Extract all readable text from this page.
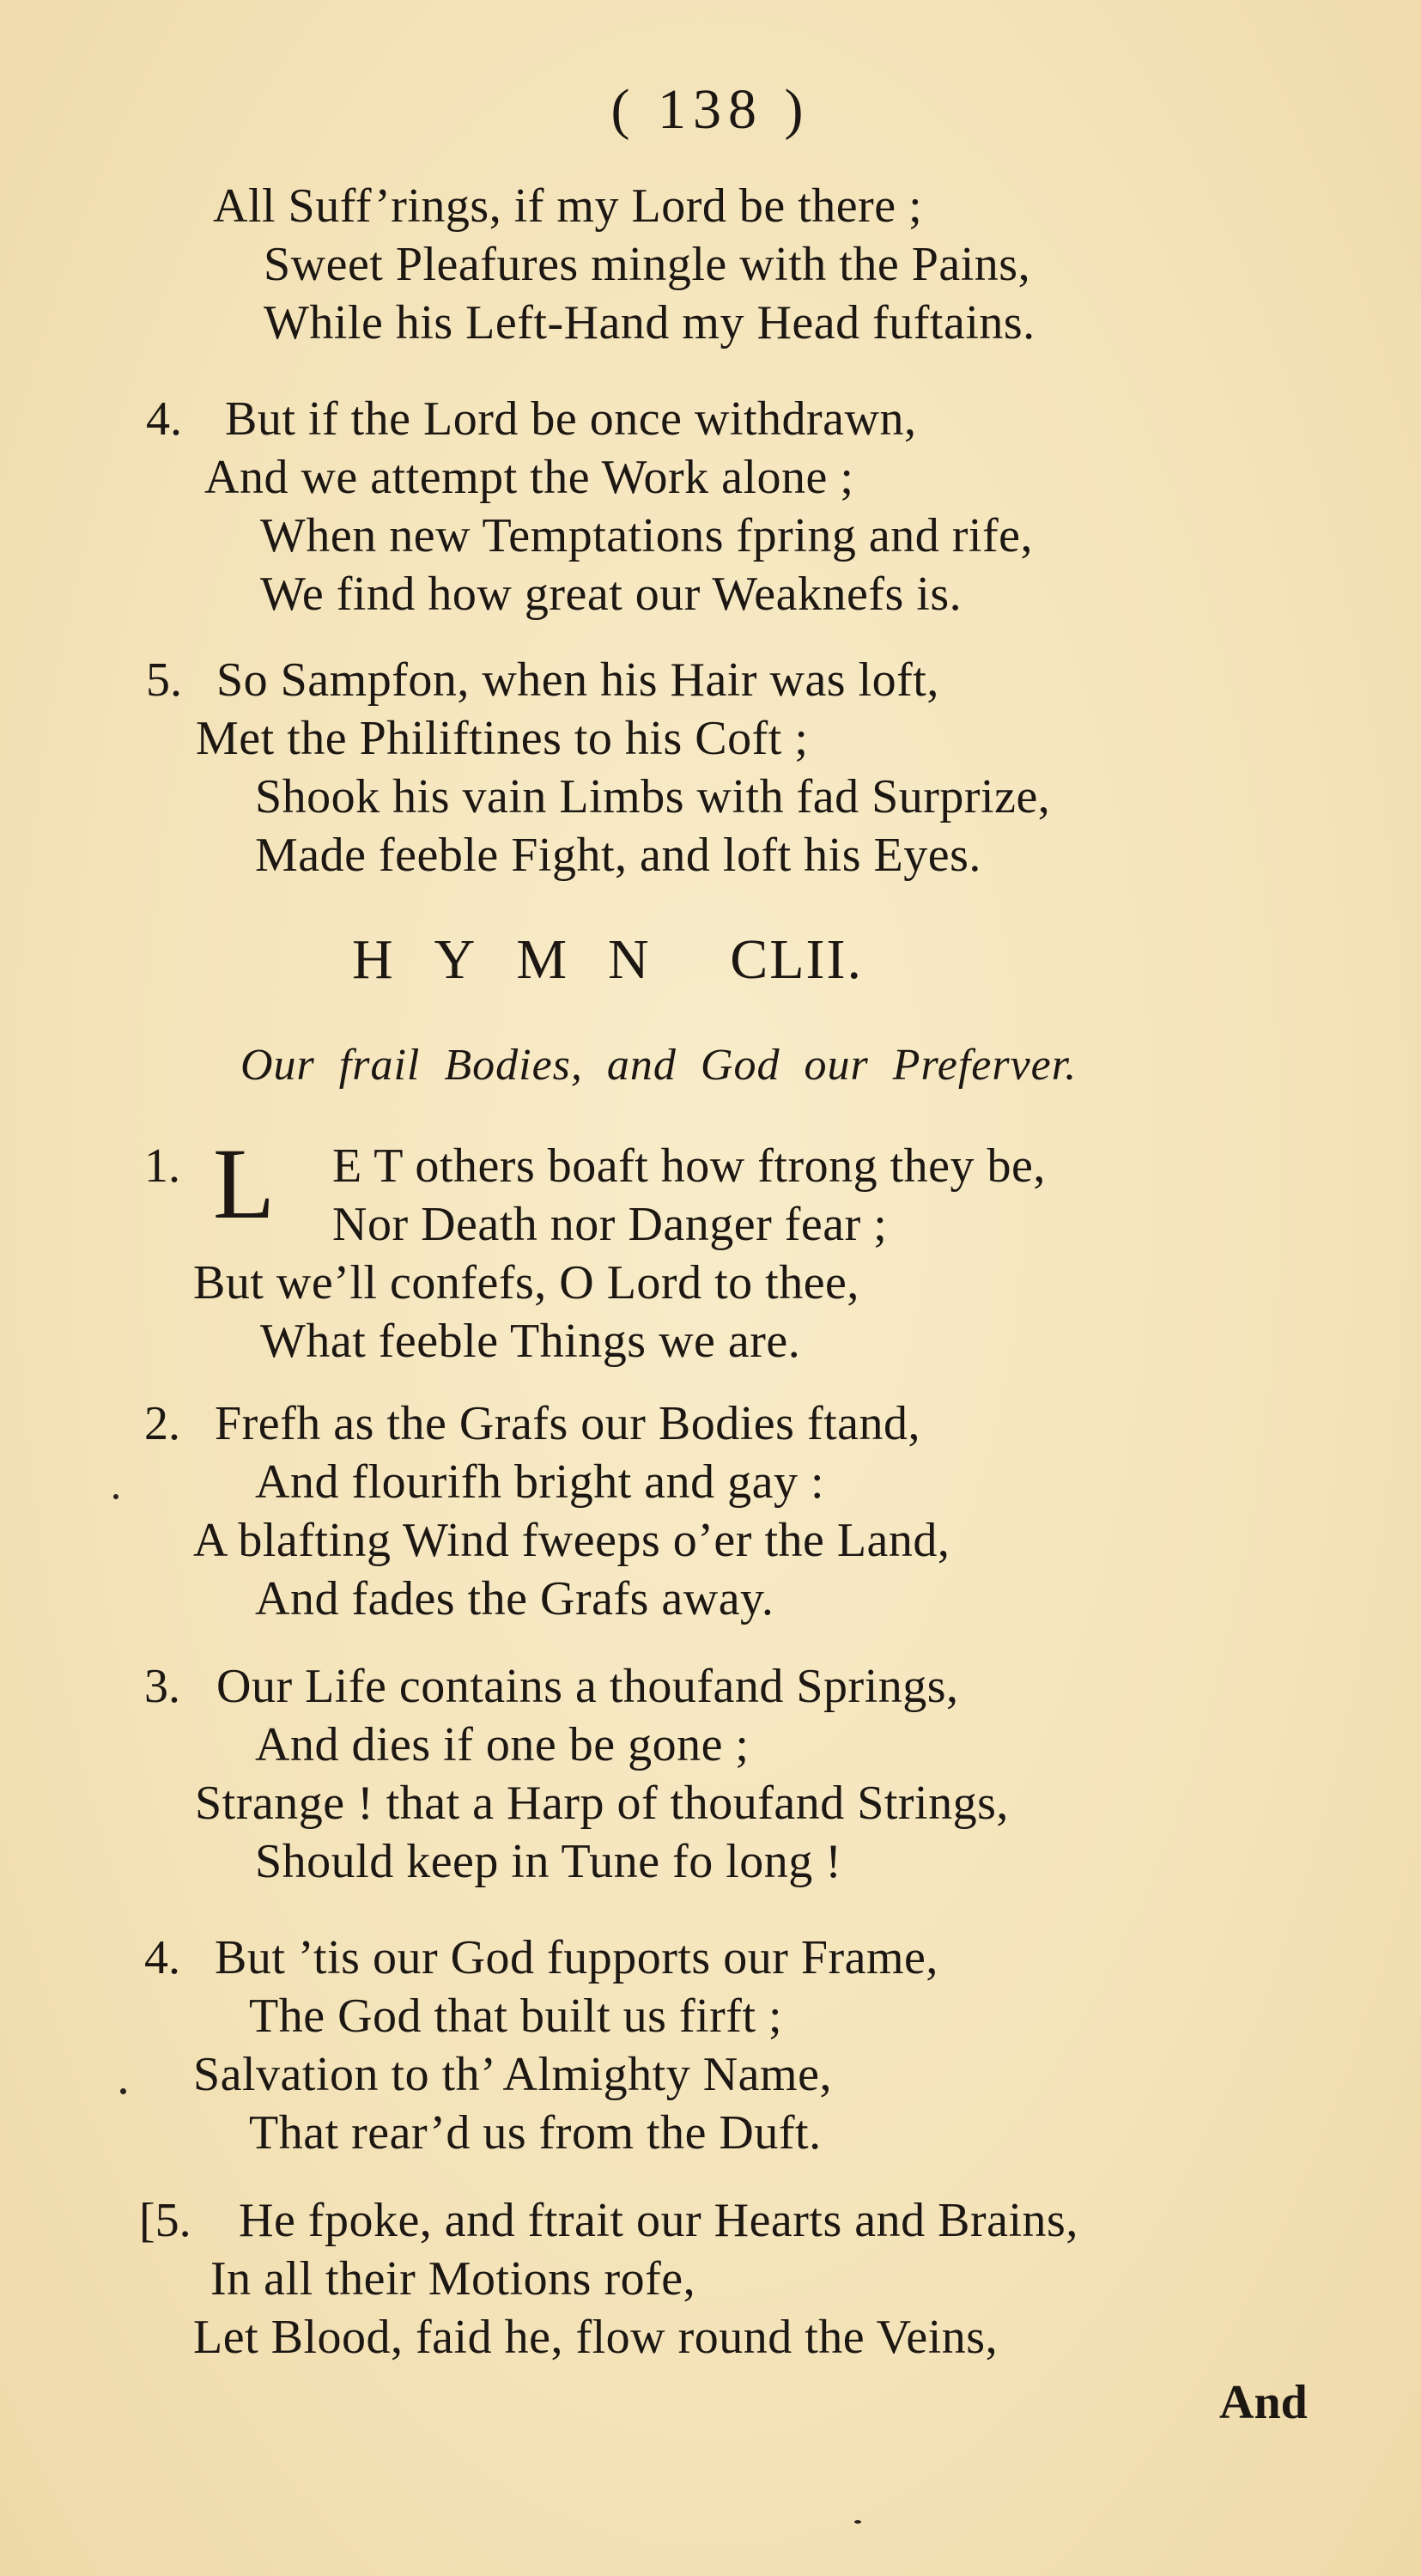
( 138 )
All Suff’rings, if my Lord be there ;
Sweet Pleafures mingle with the Pains,
While his Left-Hand my Head fuftains.
4. But if the Lord be once withdrawn,
And we attempt the Work alone ;
When new Temptations fpring and rife,
We find how great our Weaknefs is.
5. So Sampfon, when his Hair was loft,
Met the Philiftines to his Coft ;
Shook his vain Limbs with fad Surprize,
Made feeble Fight, and loft his Eyes.
HYMN CLII.
Our frail Bodies, and God our Preferver.
1. L E T others boaft how ftrong they be,
Nor Death nor Danger fear ;
But we’ll confefs, O Lord to thee,
What feeble Things we are.
2. Frefh as the Grafs our Bodies ftand,
And flourifh bright and gay :
A blafting Wind fweeps o’er the Land,
And fades the Grafs away.
3. Our Life contains a thoufand Springs,
And dies if one be gone ;
Strange ! that a Harp of thoufand Strings,
Should keep in Tune fo long !
4. But ’tis our God fupports our Frame,
The God that built us firft ;
Salvation to th’ Almighty Name,
That rear’d us from the Duft.
[5. He fpoke, and ftrait our Hearts and Brains,
In all their Motions rofe,
Let Blood, faid he, flow round the Veins,
And
